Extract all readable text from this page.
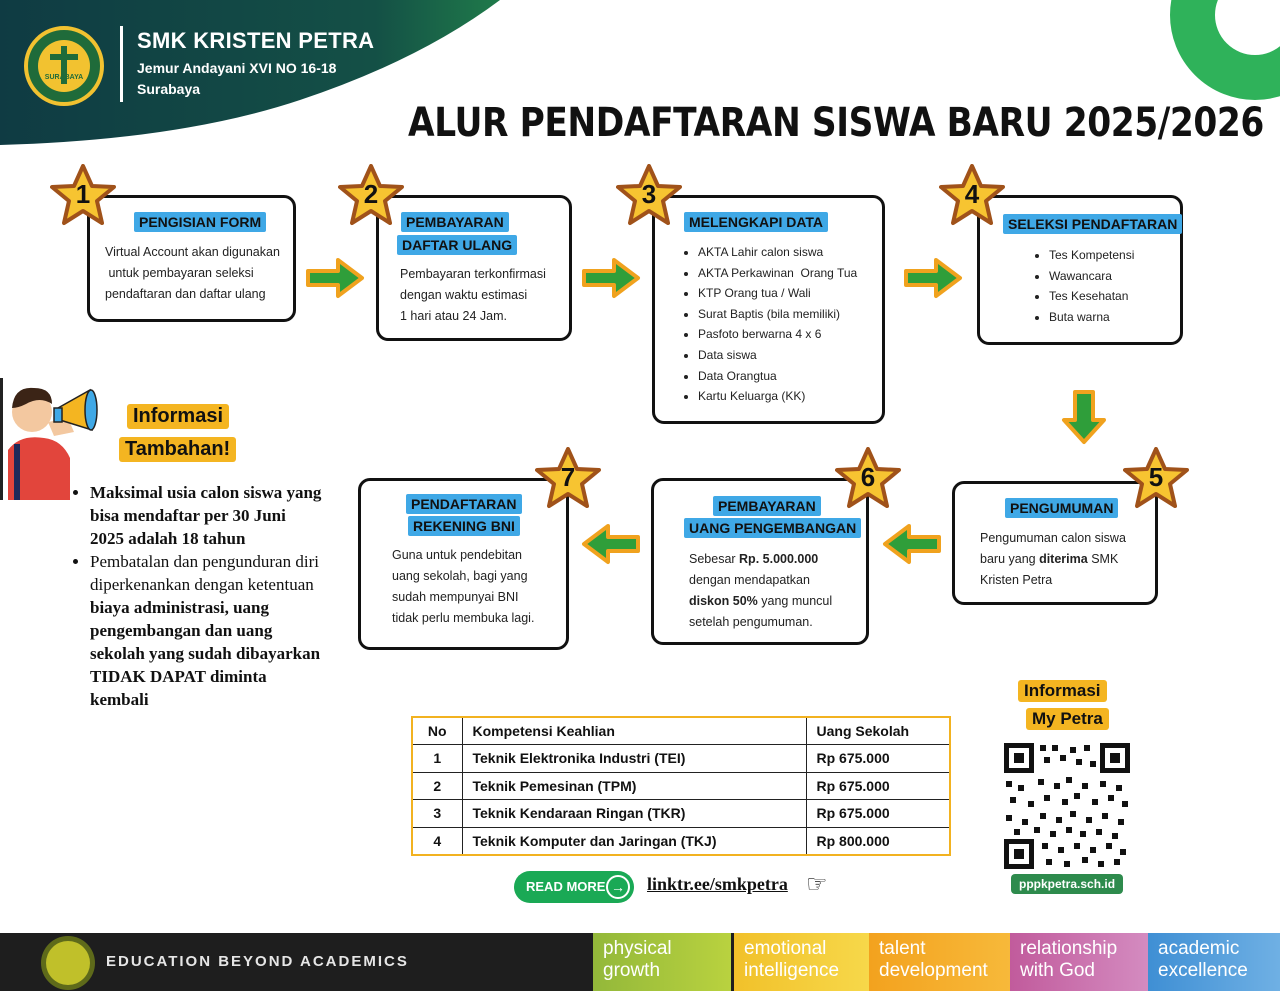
SURABAYA
SMK KRISTEN PETRA
Jemur Andayani XVI NO 16-18
Surabaya
ALUR PENDAFTARAN SISWA BARU 2025/2026
PENGISIAN FORM
Virtual Account akan digunakan
untuk pembayaran seleksi
pendaftaran dan daftar ulang
PEMBAYARAN
DAFTAR ULANG
Pembayaran terkonfirmasi
dengan waktu estimasi
1 hari atau 24 Jam.
MELENGKAPI DATA
• AKTA Lahir calon siswa
• AKTA Perkawinan  Orang Tua
• KTP Orang tua / Wali
• Surat Baptis (bila memiliki)
• Pasfoto berwarna 4 x 6
• Data siswa
• Data Orangtua
• Kartu Keluarga (KK)
SELEKSI PENDAFTARAN
• Tes Kompetensi
• Wawancara
• Tes Kesehatan
• Buta warna
PENGUMUMAN
Pengumuman calon siswa
baru yang diterima SMK
Kristen Petra
PEMBAYARAN
UANG PENGEMBANGAN
Sebesar Rp. 5.000.000
dengan mendapatkan
diskon 50% yang muncul
setelah pengumuman.
PENDAFTARAN
REKENING BNI
Guna untuk pendebitan
uang sekolah, bagi yang
sudah mempunyai BNI
tidak perlu membuka lagi.
1	2	3	4
5
6
7
Informasi
Tambahan!
• Maksimal usia calon siswa yang bisa mendaftar per 30 Juni 2025 adalah 18 tahun
• Pembatalan dan pengunduran diri diperkenankan dengan ketentuan biaya administrasi, uang pengembangan dan uang sekolah yang sudah dibayarkan TIDAK DAPAT diminta kembali
No	Kompetensi Keahlian	Uang Sekolah
1	Teknik Elektronika Industri (TEI)	Rp 675.000
2	Teknik Pemesinan (TPM)	Rp 675.000
3	Teknik Kendaraan Ringan (TKR)	Rp 675.000
4	Teknik Komputer dan Jaringan (TKJ)	Rp 800.000
READ MORE → linktr.ee/smkpetra ☞
Informasi
My Petra
pppkpetra.sch.id
EDUCATION BEYOND ACADEMICS
physical
growth
emotional
intelligence
talent
development
relationship
with God
academic
excellence
